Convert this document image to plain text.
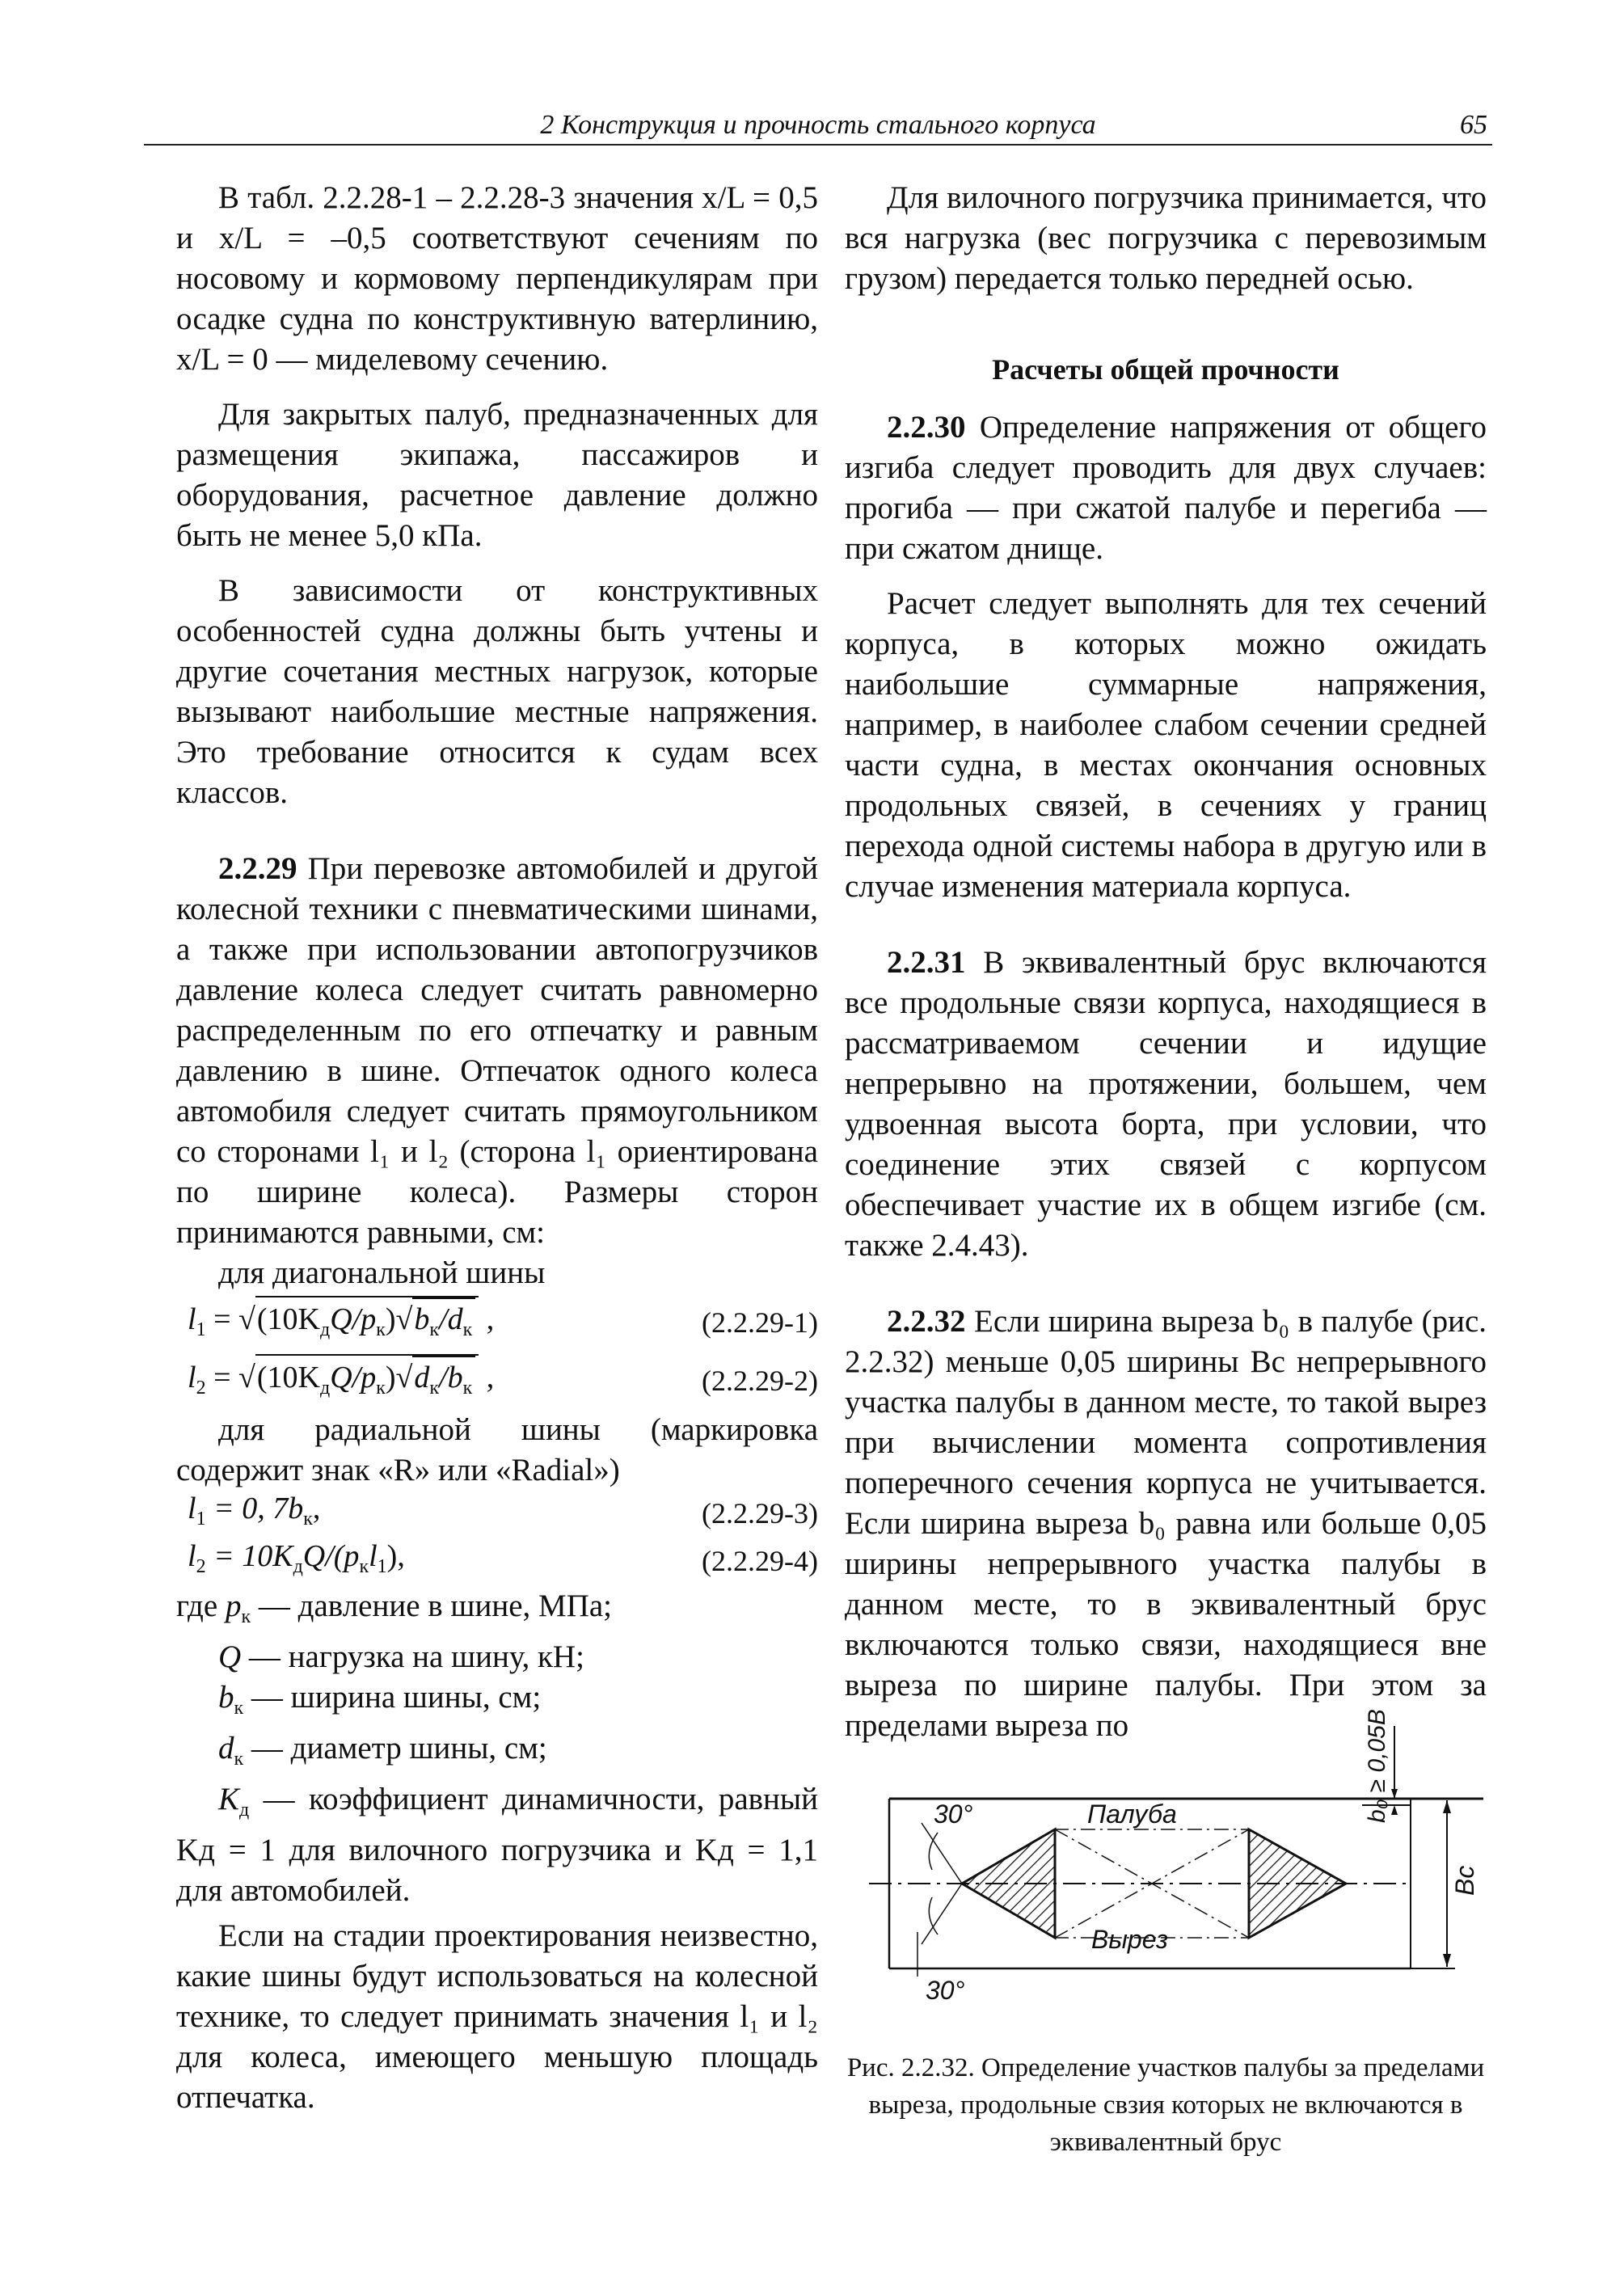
2 Конструкция и прочность стального корпуса	65

В табл. 2.2.28-1 – 2.2.28-3 значения x/L = 0,5 и x/L = –0,5 соответствуют сечениям по носовому и кормовому перпендикулярам при осадке судна по конструктивную ватерлинию, x/L = 0 — миделевому сечению.

Для закрытых палуб, предназначенных для размещения экипажа, пассажиров и оборудования, расчетное давление должно быть не менее 5,0 кПа.

В зависимости от конструктивных особенностей судна должны быть учтены и другие сочетания местных нагрузок, которые вызывают наибольшие местные напряжения. Это требование относится к судам всех классов.

2.2.29 При перевозке автомобилей и другой колесной техники с пневматическими шинами, а также при использовании автопогрузчиков давление колеса следует считать равномерно распределенным по его отпечатку и равным давлению в шине. Отпечаток одного колеса автомобиля следует считать прямоугольником со сторонами l₁ и l₂ (сторона l₁ ориентирована по ширине колеса). Размеры сторон принимаются равными, см:

для диагональной шины

$l_1 = √(10K_дQ/p_к)√b_к/d_к$ ,	(2.2.29-1)
$l_2 = √(10K_дQ/p_к)√d_к/b_к$ ,	(2.2.29-2)

для радиальной шины (маркировка содержит знак «R» или «Radial»)

$l_1 = 0$, $7b_к$,	(2.2.29-3)
$l_2 = 10K_дQ/(p_кl_1)$,	(2.2.29-4)

где $p_к$ — давление в шине, МПа;

Q — нагрузка на шину, кН;

$b_к$ — ширина шины, см;

$d_к$ — диаметр шины, см;

$K_д$ — коэффициент динамичности, равный Kд = 1 для вилочного погрузчика и Kд = 1,1 для автомобилей.

Если на стадии проектирования неизвестно, какие шины будут использоваться на колесной технике, то следует принимать значения l₁ и l₂ для колеса, имеющего меньшую площадь отпечатка.

Для вилочного погрузчика принимается, что вся нагрузка (вес погрузчика с перевозимым грузом) передается только передней осью.

Расчеты общей прочности

2.2.30 Определение напряжения от общего изгиба следует проводить для двух случаев: прогиба — при сжатой палубе и перегиба — при сжатом днище.

Расчет следует выполнять для тех сечений корпуса, в которых можно ожидать наибольшие суммарные напряжения, например, в наиболее слабом сечении средней части судна, в местах окончания основных продольных связей, в сечениях у границ перехода одной системы набора в другую или в случае изменения материала корпуса.

2.2.31 В эквивалентный брус включаются все продольные связи корпуса, находящиеся в рассматриваемом сечении и идущие непрерывно на протяжении, большем, чем удвоенная высота борта, при условии, что соединение этих связей с корпусом обеспечивает участие их в общем изгибе (см. также 2.4.43).

2.2.32 Если ширина выреза b₀ в палубе (рис. 2.2.32) меньше 0,05 ширины Bс непрерывного участка палубы в данном месте, то такой вырез при вычислении момента сопротивления поперечного сечения корпуса не учитывается. Если ширина выреза b₀ равна или больше 0,05 ширины непрерывного участка палубы в данном месте, то в эквивалентный брус включаются только связи, находящиеся вне выреза по ширине палубы. При этом за пределами выреза по

30°
30°
Палуба
Вырез
b₀ ≥ 0,05Bс
Bс
Рис. 2.2.32. Определение участков палубы за пределами выреза, продольные свзия которых не включаются в эквивалентный брус
